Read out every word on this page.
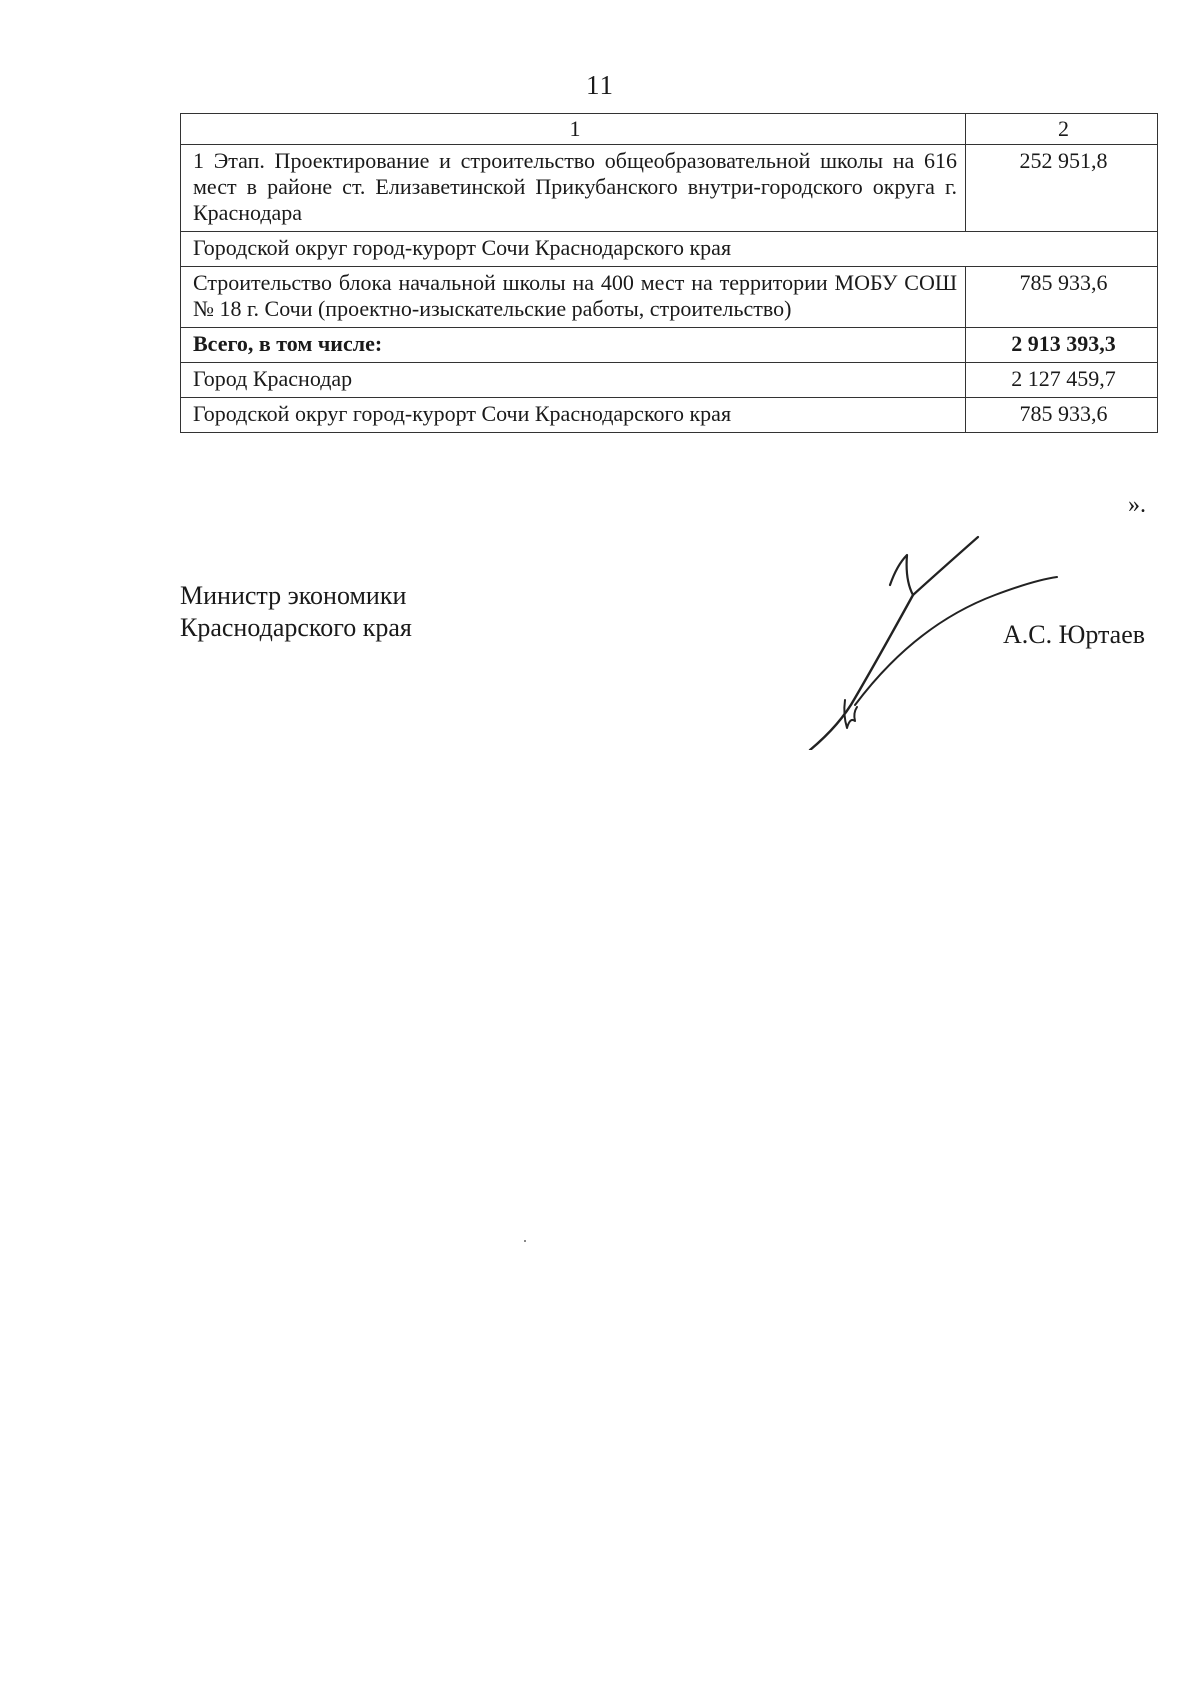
11
1	2
1 Этап. Проектирование и строительство общеобразовательной школы на 616 мест в районе ст. Елизаветинской Прикубанского внутри-городского округа г. Краснодара	252 951,8
Городской округ город-курорт Сочи Краснодарского края	
Строительство блока начальной школы на 400 мест на территории МОБУ СОШ № 18 г. Сочи (проектно-изыскательские работы, строительство)	785 933,6
Всего, в том числе:	2 913 393,3
Город Краснодар	2 127 459,7
Городской округ город-курорт Сочи Краснодарского края	785 933,6
».
Министр экономики
Краснодарского края	А.С. Юртаев
